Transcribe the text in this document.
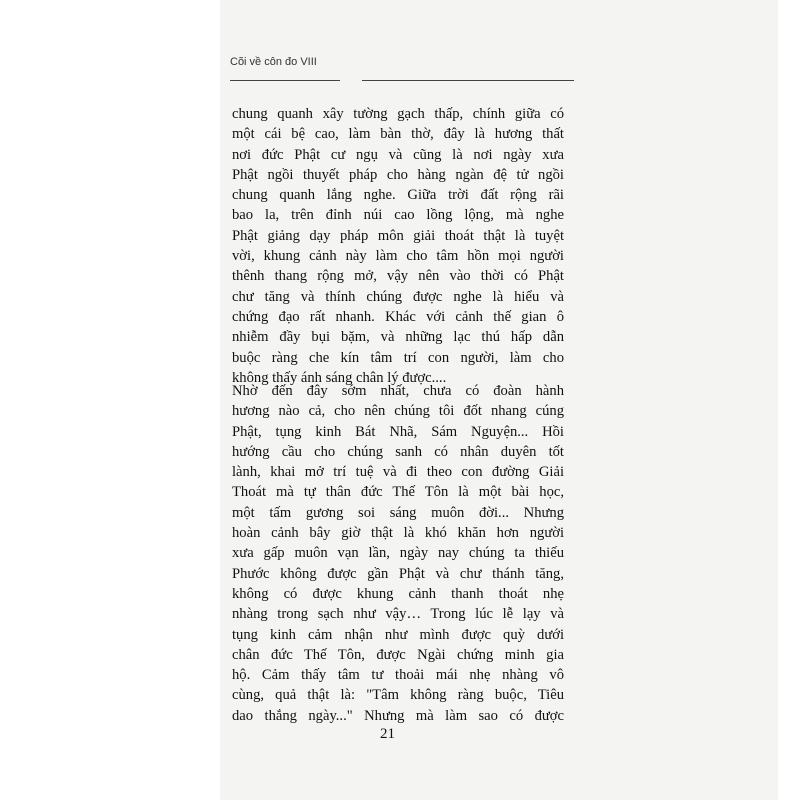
Cõi về côn đo VIII
chung quanh xây tường gạch thấp, chính giữa có
một cái bệ cao, làm bàn thờ, đây là hương thất
nơi đức Phật cư ngụ và cũng là nơi ngày xưa
Phật ngồi thuyết pháp cho hàng ngàn đệ tử ngồi
chung quanh lắng nghe. Giữa trời đất rộng rãi
bao la, trên đỉnh núi cao lồng lộng, mà nghe
Phật giảng dạy pháp môn giải thoát thật là tuyệt
vời, khung cảnh này làm cho tâm hồn mọi người
thênh thang rộng mở, vậy nên vào thời có Phật
chư tăng và thính chúng được nghe là hiểu và
chứng đạo rất nhanh. Khác với cảnh thế gian ô
nhiễm đầy bụi bặm, và những lạc thú hấp dẫn
buộc ràng che kín tâm trí con người, làm cho
không thấy ánh sáng chân lý được....
Nhờ đến đây sớm nhất, chưa có đoàn hành
hương nào cả, cho nên chúng tôi đốt nhang cúng
Phật, tụng kinh Bát Nhã, Sám Nguyện... Hồi
hướng cầu cho chúng sanh có nhân duyên tốt
lành, khai mở trí tuệ và đi theo con đường Giải
Thoát mà tự thân đức Thế Tôn là một bài học,
một tấm gương soi sáng muôn đời... Nhưng
hoàn cảnh bây giờ thật là khó khăn hơn người
xưa gấp muôn vạn lần, ngày nay chúng ta thiếu
Phước không được gần Phật và chư thánh tăng,
không có được khung cảnh thanh thoát nhẹ
nhàng trong sạch như vậy… Trong lúc lễ lạy và
tụng kinh cảm nhận như mình được quỳ dưới
chân đức Thế Tôn, được Ngài chứng minh gia
hộ. Cảm thấy tâm tư thoải mái nhẹ nhàng vô
cùng, quả thật là: "Tâm không ràng buộc, Tiêu
dao thắng ngày..." Nhưng mà làm sao có được
21
